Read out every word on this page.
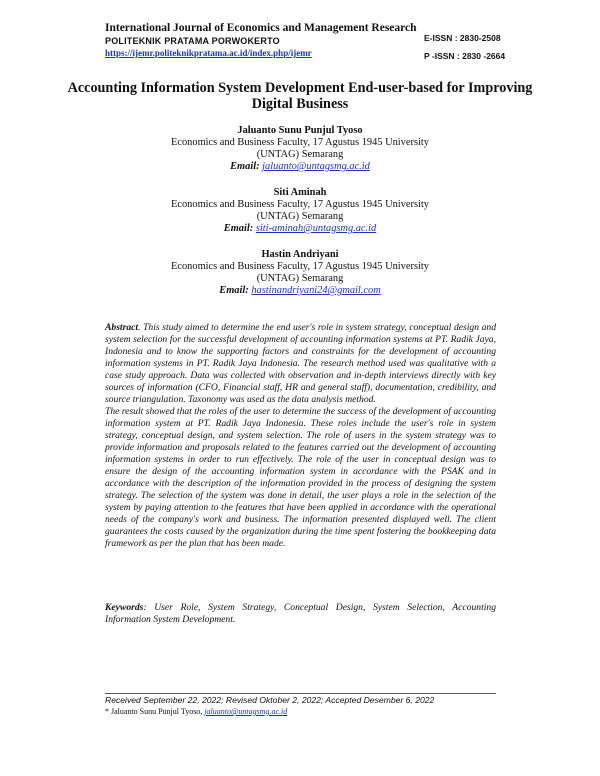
International Journal of Economics and Management Research
POLITEKNIK PRATAMA PORWOKERTO
https://ijemr.politeknikpratama.ac.id/index.php/ijemr
E-ISSN : 2830-2508
P -ISSN : 2830 -2664
Accounting Information System Development End-user-based for Improving Digital Business
Jaluanto Sunu Punjul Tyoso
Economics and Business Faculty, 17 Agustus 1945 University
(UNTAG) Semarang
Email: jaluanto@untagsmg.ac.id
Siti Aminah
Economics and Business Faculty, 17 Agustus 1945 University
(UNTAG) Semarang
Email: siti-aminah@untagsmg.ac.id
Hastin Andriyani
Economics and Business Faculty, 17 Agustus 1945 University
(UNTAG) Semarang
Email: hastinandriyani24@gmail.com

Abstract. This study aimed to determine the end user's role in system strategy, conceptual design and system selection for the successful development of accounting information systems at PT. Radik Jaya, Indonesia and to know the supporting factors and constraints for the development of accounting information systems in PT. Radik Jaya Indonesia. The research method used was qualitative with a case study approach. Data was collected with observation and in-depth interviews directly with key sources of information (CFO, Financial staff, HR and general staff), documentation, credibility, and source triangulation. Taxonomy was used as the data analysis method.

The result showed that the roles of the user to determine the success of the development of accounting information system at PT. Radik Jaya Indonesia. These roles include the user's role in system strategy, conceptual design, and system selection. The role of users in the system strategy was to provide information and proposals related to the features carried out the development of accounting information systems in order to run effectively. The role of the user in conceptual design was to ensure the design of the accounting information system in accordance with the PSAK and in accordance with the description of the information provided in the process of designing the system strategy. The selection of the system was done in detail, the user plays a role in the selection of the system by paying attention to the features that have been applied in accordance with the operational needs of the company's work and business. The information presented displayed well. The client guarantees the costs caused by the organization during the time spent fostering the bookkeeping data framework as per the plan that has been made.

Keywords: User Role, System Strategy, Conceptual Design, System Selection, Accounting Information System Development.
Received September 22, 2022; Revised Oktober 2, 2022; Accepted Desember 6, 2022
* Jaluanto Sunu Punjul Tyoso, jaluanto@untagsmg.ac.id
